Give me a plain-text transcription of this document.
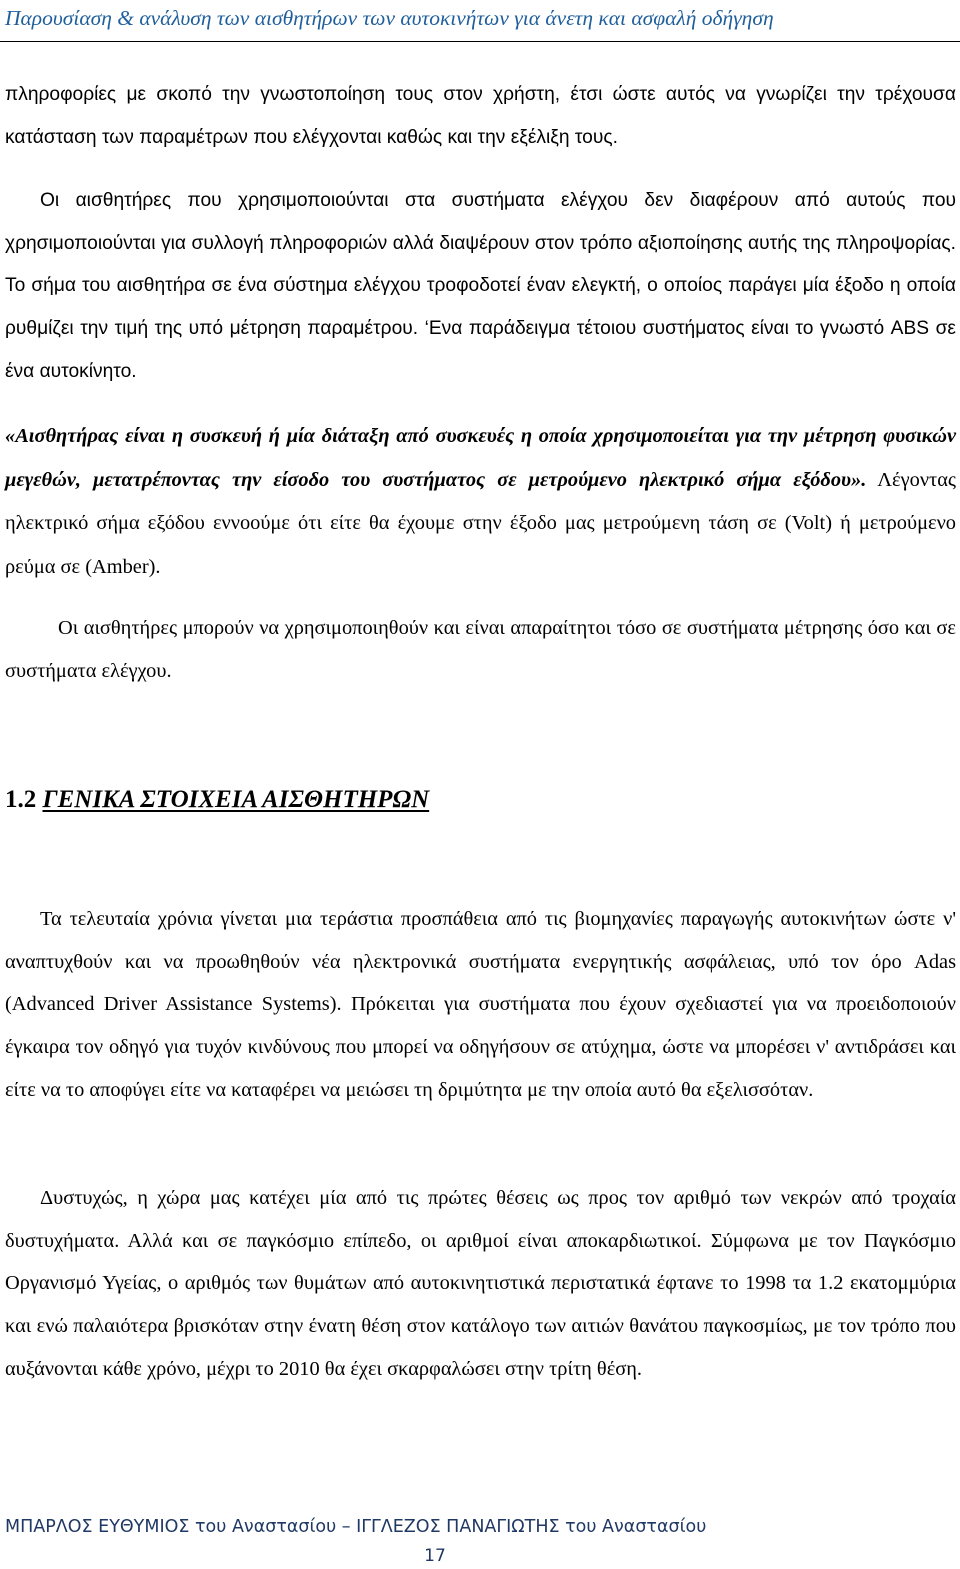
Παρουσίαση & ανάλυση των αισθητήρων των αυτοκινήτων για άνετη και ασφαλή οδήγηση
πληροφορίες με σκοπό την γνωστοποίηση τους στον χρήστη, έτσι ώστε αυτός να γνωρίζει την τρέχουσα κατάσταση των παραμέτρων που ελέγχονται καθώς και την εξέλιξη τους.
Οι αισθητήρες που χρησιμοποιούνται στα συστήματα ελέγχου δεν διαφέρουν από αυτούς που χρησιμοποιούνται για συλλογή πληροφοριών αλλά διαψέρουν στον τρόπο αξιοποίησης αυτής της πληροψορίας. Το σήμα του αισθητήρα σε ένα σύστημα ελέγχου τροφοδοτεί έναν ελεγκτή, ο οποίος παράγει μία έξοδο η οποία ρυθμίζει την τιμή της υπό μέτρηση παραμέτρου. ‘Ενα παράδειγμα τέτοιου συστήματος είναι το γνωστό ABS σε ένα αυτοκίνητο.
«Αισθητήρας είναι η συσκευή ή μία διάταξη από συσκευές η οποία χρησιμοποιείται για την μέτρηση φυσικών μεγεθών, μετατρέποντας την είσοδο του συστήματος σε μετρούμενο ηλεκτρικό σήμα εξόδου». Λέγοντας ηλεκτρικό σήμα εξόδου εννοούμε ότι είτε θα έχουμε στην έξοδο μας μετρούμενη τάση σε (Volt) ή μετρούμενο ρεύμα σε (Amber).
Οι αισθητήρες μπορούν να χρησιμοποιηθούν και είναι απαραίτητοι τόσο σε συστήματα μέτρησης όσο και σε συστήματα ελέγχου.
1.2 ΓΕΝΙΚΑ ΣΤΟΙΧΕΙΑ ΑΙΣΘΗΤΗΡΩΝ
Τα τελευταία χρόνια γίνεται μια τεράστια προσπάθεια από τις βιομηχανίες παραγωγής αυτοκινήτων ώστε ν' αναπτυχθούν και να προωθηθούν νέα ηλεκτρονικά συστήματα ενεργητικής ασφάλειας, υπό τον όρο Adas (Advanced Driver Assistance Systems). Πρόκειται για συστήματα που έχουν σχεδιαστεί για να προειδοποιούν έγκαιρα τον οδηγό για τυχόν κινδύνους που μπορεί να οδηγήσουν σε ατύχημα, ώστε να μπορέσει ν' αντιδράσει και είτε να το αποφύγει είτε να καταφέρει να μειώσει τη δριμύτητα με την οποία αυτό θα εξελισσόταν.
Δυστυχώς, η χώρα μας κατέχει μία από τις πρώτες θέσεις ως προς τον αριθμό των νεκρών από τροχαία δυστυχήματα. Αλλά και σε παγκόσμιο επίπεδο, οι αριθμοί είναι αποκαρδιωτικοί. Σύμφωνα με τον Παγκόσμιο Οργανισμό Υγείας, ο αριθμός των θυμάτων από αυτοκινητιστικά περιστατικά έφτανε το 1998 τα 1.2 εκατομμύρια και ενώ παλαιότερα βρισκόταν στην ένατη θέση στον κατάλογο των αιτιών θανάτου παγκοσμίως, με τον τρόπο που αυξάνονται κάθε χρόνο, μέχρι το 2010 θα έχει σκαρφαλώσει στην τρίτη θέση.
ΜΠΑΡΛΟΣ ΕΥΘΥΜΙΟΣ του Αναστασίου – ΙΓΓΛΕΖΟΣ ΠΑΝΑΓΙΩΤΗΣ του Αναστασίου
17
